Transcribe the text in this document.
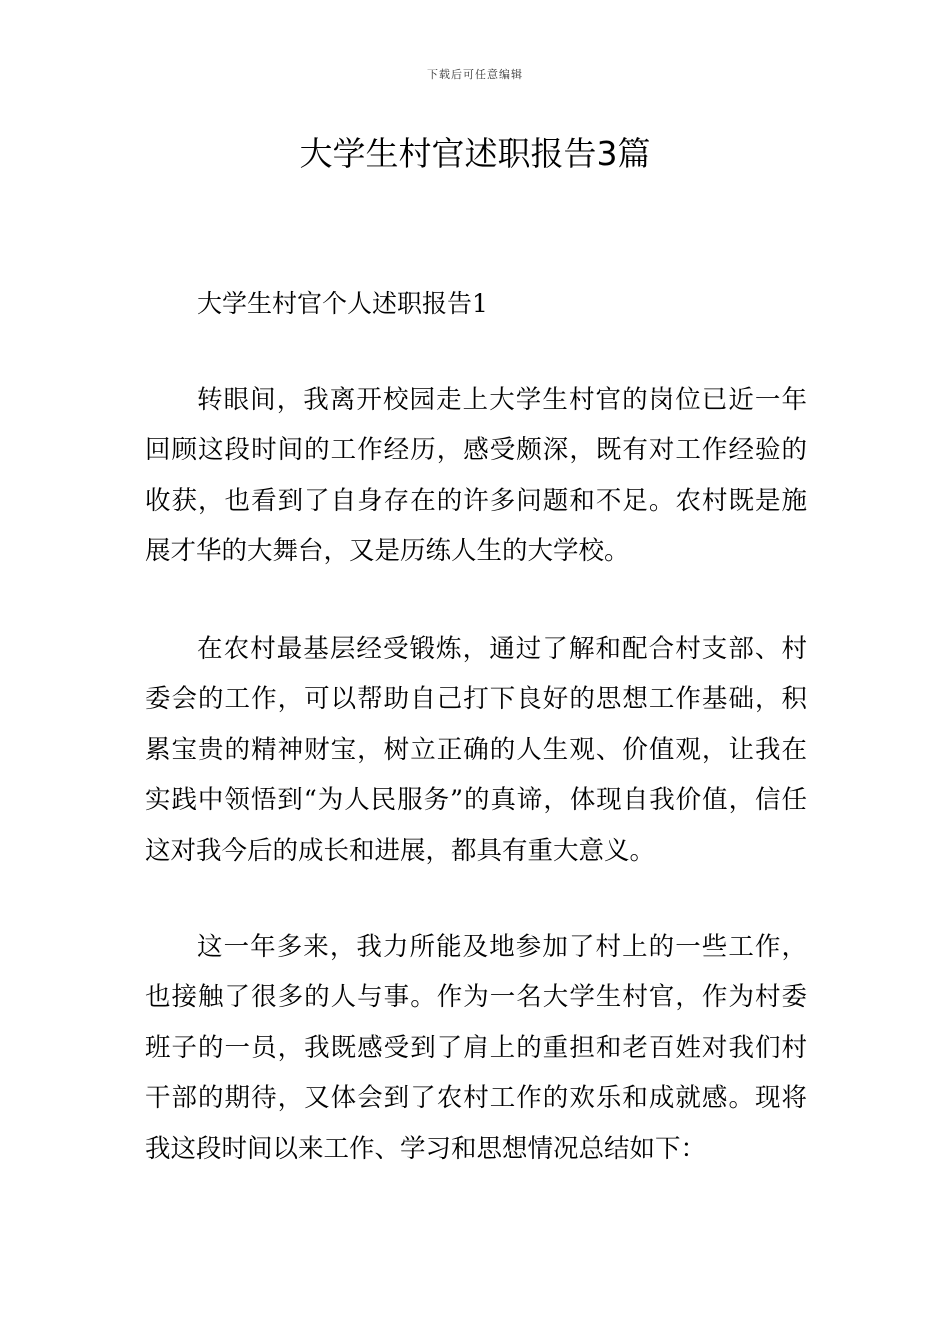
下载后可任意编辑
大学生村官述职报告3篇
大学生村官个人述职报告1

转眼间，我离开校园走上大学生村官的岗位已近一年回顾这段时间的工作经历，感受颇深，既有对工作经验的收获，也看到了自身存在的许多问题和不足。农村既是施展才华的大舞台，又是历练人生的大学校。

在农村最基层经受锻炼，通过了解和配合村支部、村委会的工作，可以帮助自己打下良好的思想工作基础，积累宝贵的精神财宝，树立正确的人生观、价值观，让我在实践中领悟到“为人民服务”的真谛，体现自我价值，信任这对我今后的成长和进展，都具有重大意义。

这一年多来，我力所能及地参加了村上的一些工作，也接触了很多的人与事。作为一名大学生村官，作为村委班子的一员，我既感受到了肩上的重担和老百姓对我们村干部的期待，又体会到了农村工作的欢乐和成就感。现将我这段时间以来工作、学习和思想情况总结如下：
